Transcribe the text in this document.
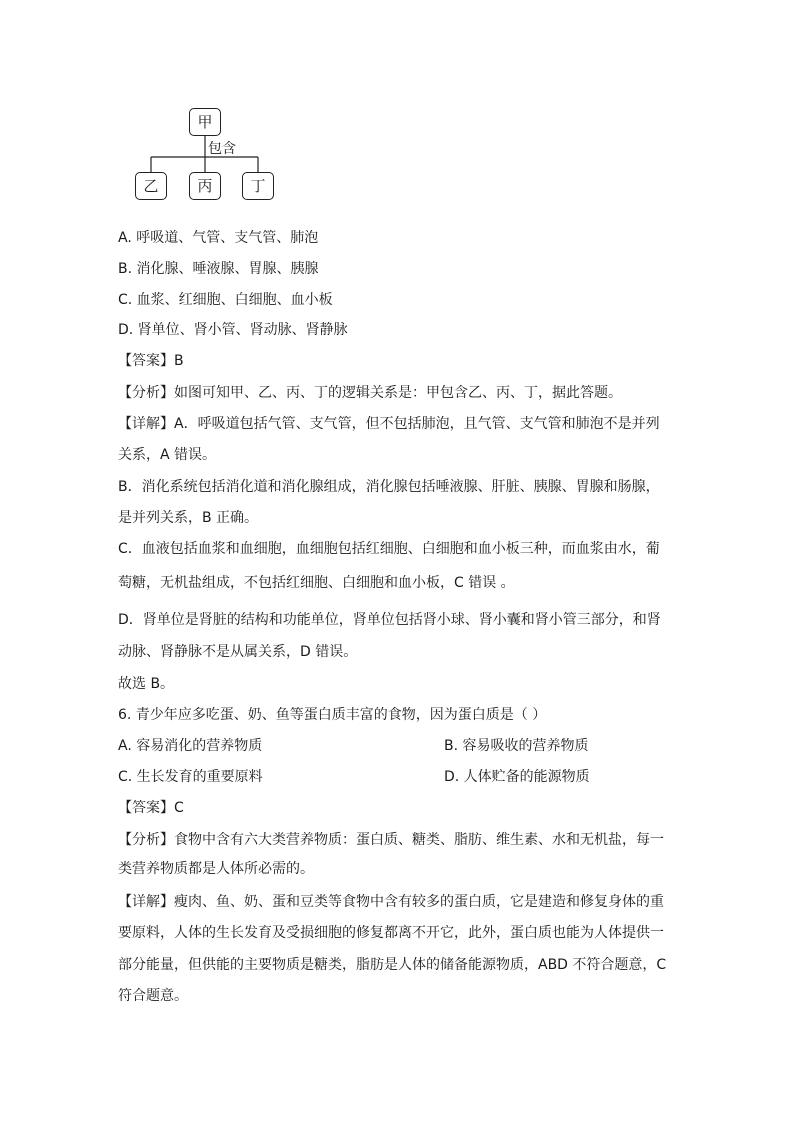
甲
包含
乙	丙	丁
A. 呼吸道、气管、支气管、肺泡
B. 消化腺、唾液腺、胃腺、胰腺
C. 血浆、红细胞、白细胞、血小板
D. 肾单位、肾小管、肾动脉、肾静脉
【答案】B
【分析】如图可知甲、乙、丙、丁的逻辑关系是：甲包含乙、丙、丁，据此答题。
【详解】A．呼吸道包括气管、支气管，但不包括肺泡，且气管、支气管和肺泡不是并列
关系，A 错误。
B．消化系统包括消化道和消化腺组成，消化腺包括唾液腺、肝脏、胰腺、胃腺和肠腺，
是并列关系，B 正确。
C．血液包括血浆和血细胞，血细胞包括红细胞、白细胞和血小板三种，而血浆由水，葡
萄糖，无机盐组成，不包括红细胞、白细胞和血小板，C 错误 。
D．肾单位是肾脏的结构和功能单位，肾单位包括肾小球、肾小囊和肾小管三部分，和肾
动脉、肾静脉不是从属关系，D 错误。
故选 B。
6. 青少年应多吃蛋、奶、鱼等蛋白质丰富的食物，因为蛋白质是（ ）
A. 容易消化的营养物质	B. 容易吸收的营养物质
C. 生长发育的重要原料	D. 人体贮备的能源物质
【答案】C
【分析】食物中含有六大类营养物质：蛋白质、糖类、脂肪、维生素、水和无机盐，每一
类营养物质都是人体所必需的。
【详解】瘦肉、鱼、奶、蛋和豆类等食物中含有较多的蛋白质，它是建造和修复身体的重
要原料，人体的生长发育及受损细胞的修复都离不开它，此外，蛋白质也能为人体提供一
部分能量，但供能的主要物质是糖类，脂肪是人体的储备能源物质，ABD 不符合题意，C
符合题意。
